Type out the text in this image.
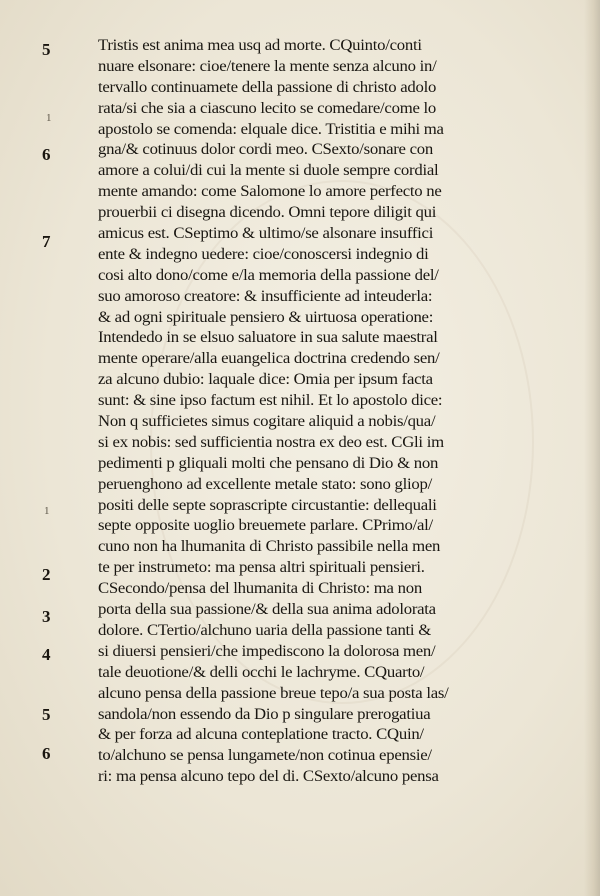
5
1
6
7
1
2
3
4
5
6
Tristis est anima mea usq ad morte. CQuinto/conti
nuare elsonare: cioe/tenere la mente senza alcuno in/
tervallo continuamete della passione di christo adolo
rata/si che sia a ciascuno lecito se comedare/come lo
apostolo se comenda: elquale dice. Tristitia e mihi ma
gna/& cotinuus dolor cordi meo. CSexto/sonare con
amore a colui/di cui la mente si duole sempre cordial
mente amando: come Salomone lo amore perfecto ne
prouerbii ci disegna dicendo. Omni tepore diligit qui
amicus est. CSeptimo & ultimo/se alsonare insuffici
ente & indegno uedere: cioe/conoscersi indegnio di
cosi alto dono/come e/la memoria della passione del/
suo amoroso creatore: & insufficiente ad inteuderla:
& ad ogni spirituale pensiero & uirtuosa operatione:
Intendedo in se elsuo saluatore in sua salute maestral
mente operare/alla euangelica doctrina credendo sen/
za alcuno dubio: laquale dice: Omia per ipsum facta
sunt: & sine ipso factum est nihil. Et lo apostolo dice:
Non q sufficietes simus cogitare aliquid a nobis/qua/
si ex nobis: sed sufficientia nostra ex deo est. CGli im
pedimenti p gliquali molti che pensano di Dio & non
peruenghono ad excellente metale stato: sono gliop/
positi delle septe soprascripte circustantie: dellequali
septe opposite uoglio breuemete parlare. CPrimo/al/
cuno non ha lhumanita di Christo passibile nella men
te per instrumeto: ma pensa altri spirituali pensieri.
CSecondo/pensa del lhumanita di Christo: ma non
porta della sua passione/& della sua anima adolorata
dolore. CTertio/alchuno uaria della passione tanti &
si diuersi pensieri/che impediscono la dolorosa men/
tale deuotione/& delli occhi le lachryme. CQuarto/
alcuno pensa della passione breue tepo/a sua posta las/
sandola/non essendo da Dio p singulare prerogatiua
& per forza ad alcuna conteplatione tracto. CQuin/
to/alchuno se pensa lungamete/non cotinua epensie/
ri: ma pensa alcuno tepo del di. CSexto/alcuno pensa
